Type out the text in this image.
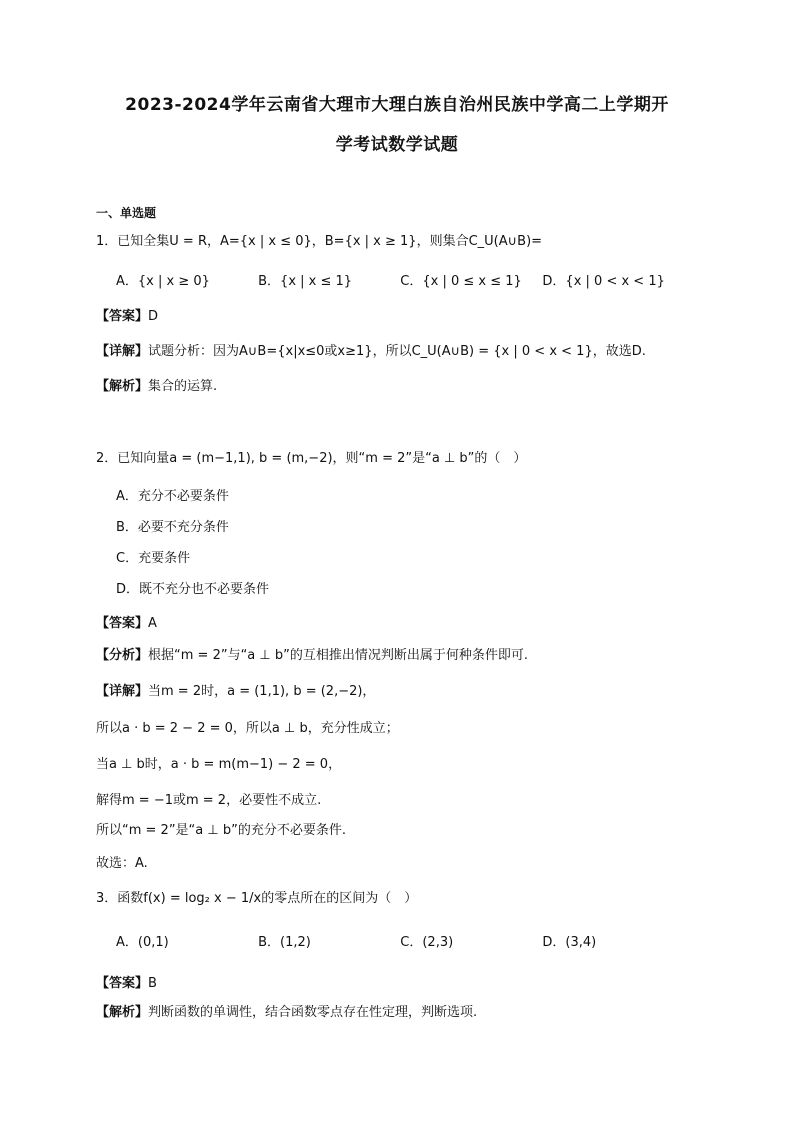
2023-2024学年云南省大理市大理白族自治州民族中学高二上学期开
学考试数学试题
一、单选题
1．已知全集U = R，A={x | x ≤ 0}，B={x | x ≥ 1}，则集合C_U(A∪B)=
A．{x | x ≥ 0}	B．{x | x ≤ 1}	C．{x | 0 ≤ x ≤ 1} D．{x | 0 < x < 1}
【答案】D
【详解】试题分析：因为A∪B={x|x≤0或x≥1}，所以C_U(A∪B) = {x | 0 < x < 1}，故选D.
【解析】集合的运算.
2．已知向量a = (m−1,1), b = (m,−2)，则“m = 2”是“a ⊥ b”的（　）
A．充分不必要条件
B．必要不充分条件
C．充要条件
D．既不充分也不必要条件
【答案】A
【分析】根据“m = 2”与“a ⊥ b”的互相推出情况判断出属于何种条件即可.
【详解】当m = 2时，a = (1,1), b = (2,−2)，
所以a · b = 2 − 2 = 0，所以a ⊥ b，充分性成立；
当a ⊥ b时，a · b = m(m−1) − 2 = 0，
解得m = −1或m = 2，必要性不成立.
所以“m = 2”是“a ⊥ b”的充分不必要条件.
故选：A.
3．函数f(x) = log₂ x − 1/x的零点所在的区间为（　）
A．(0,1)	B．(1,2)	C．(2,3)	D．(3,4)
【答案】B
【解析】判断函数的单调性，结合函数零点存在性定理，判断选项.
